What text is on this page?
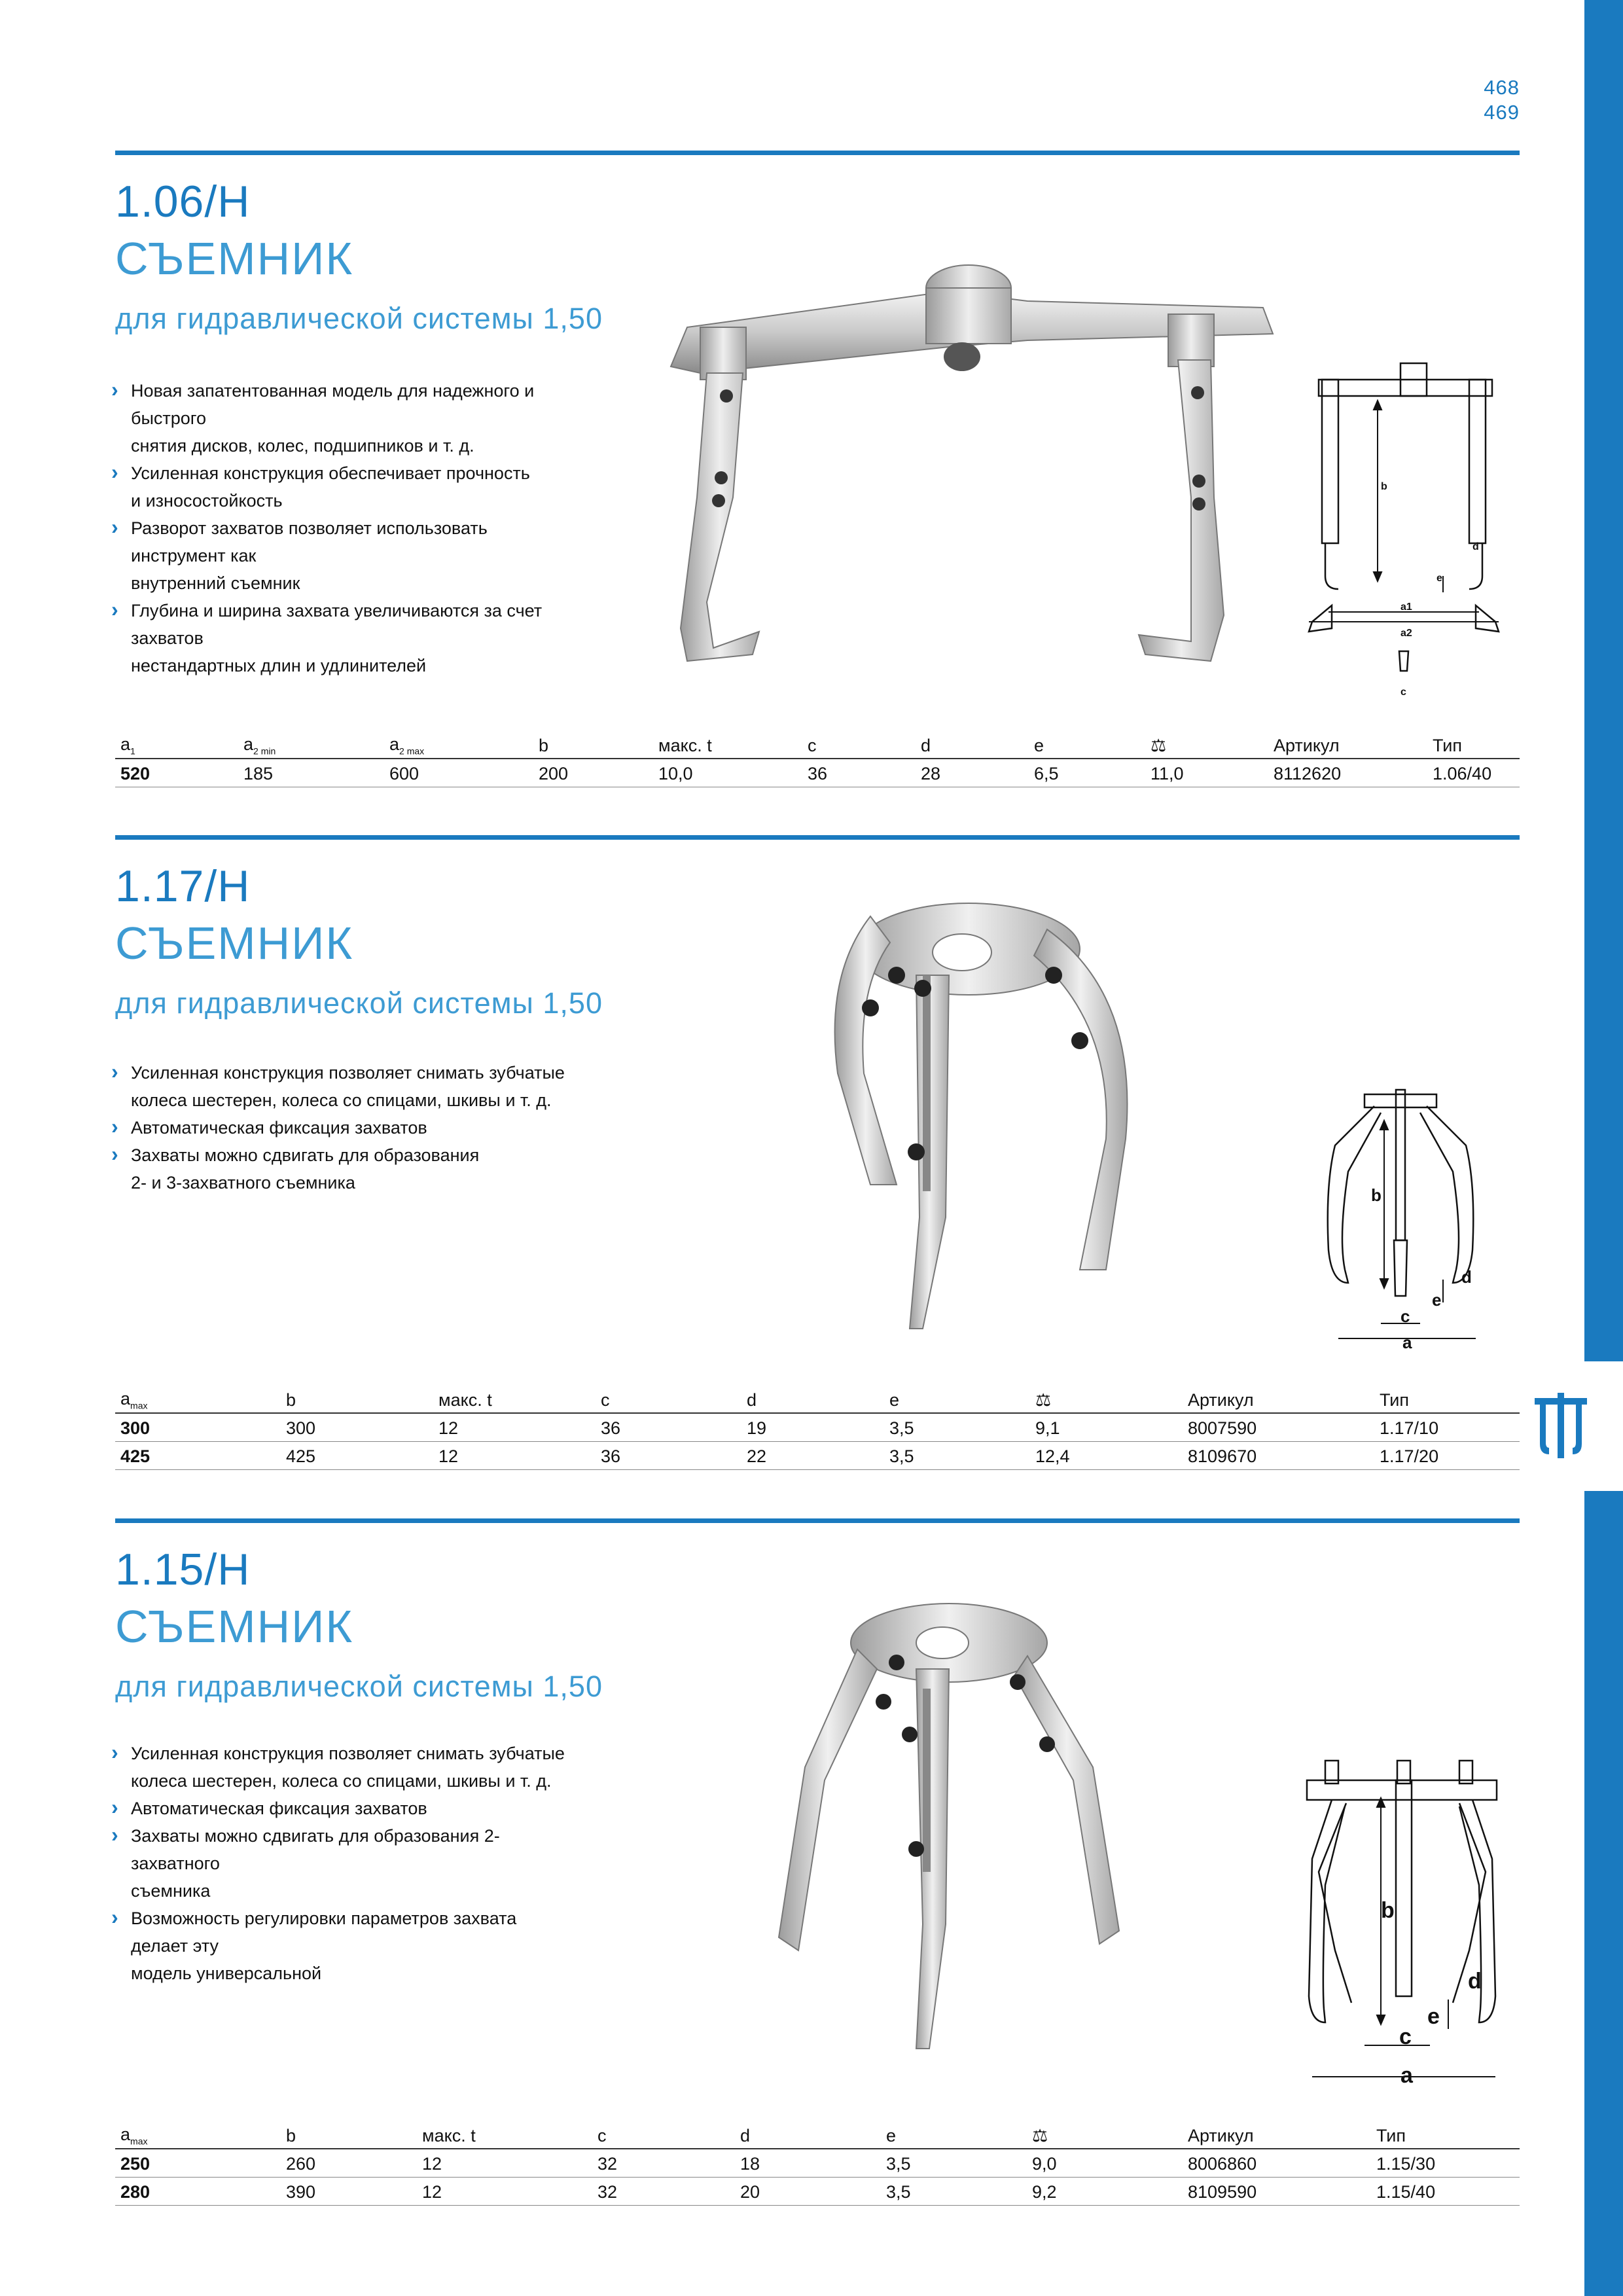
468
469
1.06/H
СЪЕМНИК
для гидравлической системы 1,50
› Новая запатентованная модель для надежного и быстрого
снятия дисков, колес, подшипников и т. д.
› Усиленная конструкция обеспечивает прочность
и износостойкость
› Разворот захватов позволяет использовать инструмент как
внутренний съемник
› Глубина и ширина захвата увеличиваются за счет захватов
нестандартных длин и удлинителей
b
d
e
a1
a2
c
$a_1$	$a_{2 min}$	$a_{2 max}$	b	макс. t	c	d	e	⚖	Артикул	Тип
520	185	600	200	10,0	36	28	6,5	11,0	8112620	1.06/40
1.17/H
СЪЕМНИК
для гидравлической системы 1,50
› Усиленная конструкция позволяет снимать зубчатые
колеса шестерен, колеса со спицами, шкивы и т. д.
› Автоматическая фиксация захватов
› Захваты можно сдвигать для образования
2- и 3-захватного съемника
b
d
e
c
a
$a_{max}$	b	макс. t	c	d	e	⚖	Артикул	Тип
300	300	12	36	19	3,5	9,1	8007590	1.17/10
425	425	12	36	22	3,5	12,4	8109670	1.17/20
1.15/H
СЪЕМНИК
для гидравлической системы 1,50
› Усиленная конструкция позволяет снимать зубчатые
колеса шестерен, колеса со спицами, шкивы и т. д.
› Автоматическая фиксация захватов
› Захваты можно сдвигать для образования 2-захватного
съемника
› Возможность регулировки параметров захвата делает эту
модель универсальной
b
d
e
c
a
$a_{max}$	b	макс. t	c	d	e	⚖	Артикул	Тип
250	260	12	32	18	3,5	9,0	8006860	1.15/30
280	390	12	32	20	3,5	9,2	8109590	1.15/40
